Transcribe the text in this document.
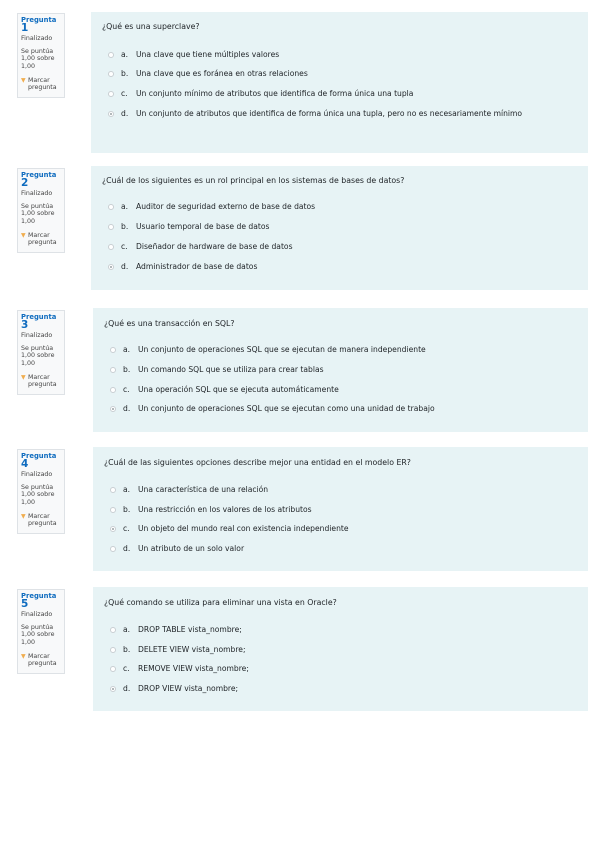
Pregunta 1
Finalizado
Se puntúa 1,00 sobre 1,00
▼ Marcar pregunta
¿Qué es una superclave?
a.	Una clave que tiene múltiples valores
b.	Una clave que es foránea en otras relaciones
c.	Un conjunto mínimo de atributos que identifica de forma única una tupla
d.	Un conjunto de atributos que identifica de forma única una tupla, pero no es necesariamente mínimo
Pregunta 2
Finalizado
Se puntúa 1,00 sobre 1,00
▼ Marcar pregunta
¿Cuál de los siguientes es un rol principal en los sistemas de bases de datos?
a.	Auditor de seguridad externo de base de datos
b.	Usuario temporal de base de datos
c.	Diseñador de hardware de base de datos
d.	Administrador de base de datos
Pregunta 3
Finalizado
Se puntúa 1,00 sobre 1,00
▼ Marcar pregunta
¿Qué es una transacción en SQL?
a.	Un conjunto de operaciones SQL que se ejecutan de manera independiente
b.	Un comando SQL que se utiliza para crear tablas
c.	Una operación SQL que se ejecuta automáticamente
d.	Un conjunto de operaciones SQL que se ejecutan como una unidad de trabajo
Pregunta 4
Finalizado
Se puntúa 1,00 sobre 1,00
▼ Marcar pregunta
¿Cuál de las siguientes opciones describe mejor una entidad en el modelo ER?
a.	Una característica de una relación
b.	Una restricción en los valores de los atributos
c.	Un objeto del mundo real con existencia independiente
d.	Un atributo de un solo valor
Pregunta 5
Finalizado
Se puntúa 1,00 sobre 1,00
▼ Marcar pregunta
¿Qué comando se utiliza para eliminar una vista en Oracle?
a.	DROP TABLE vista_nombre;
b.	DELETE VIEW vista_nombre;
c.	REMOVE VIEW vista_nombre;
d.	DROP VIEW vista_nombre;
